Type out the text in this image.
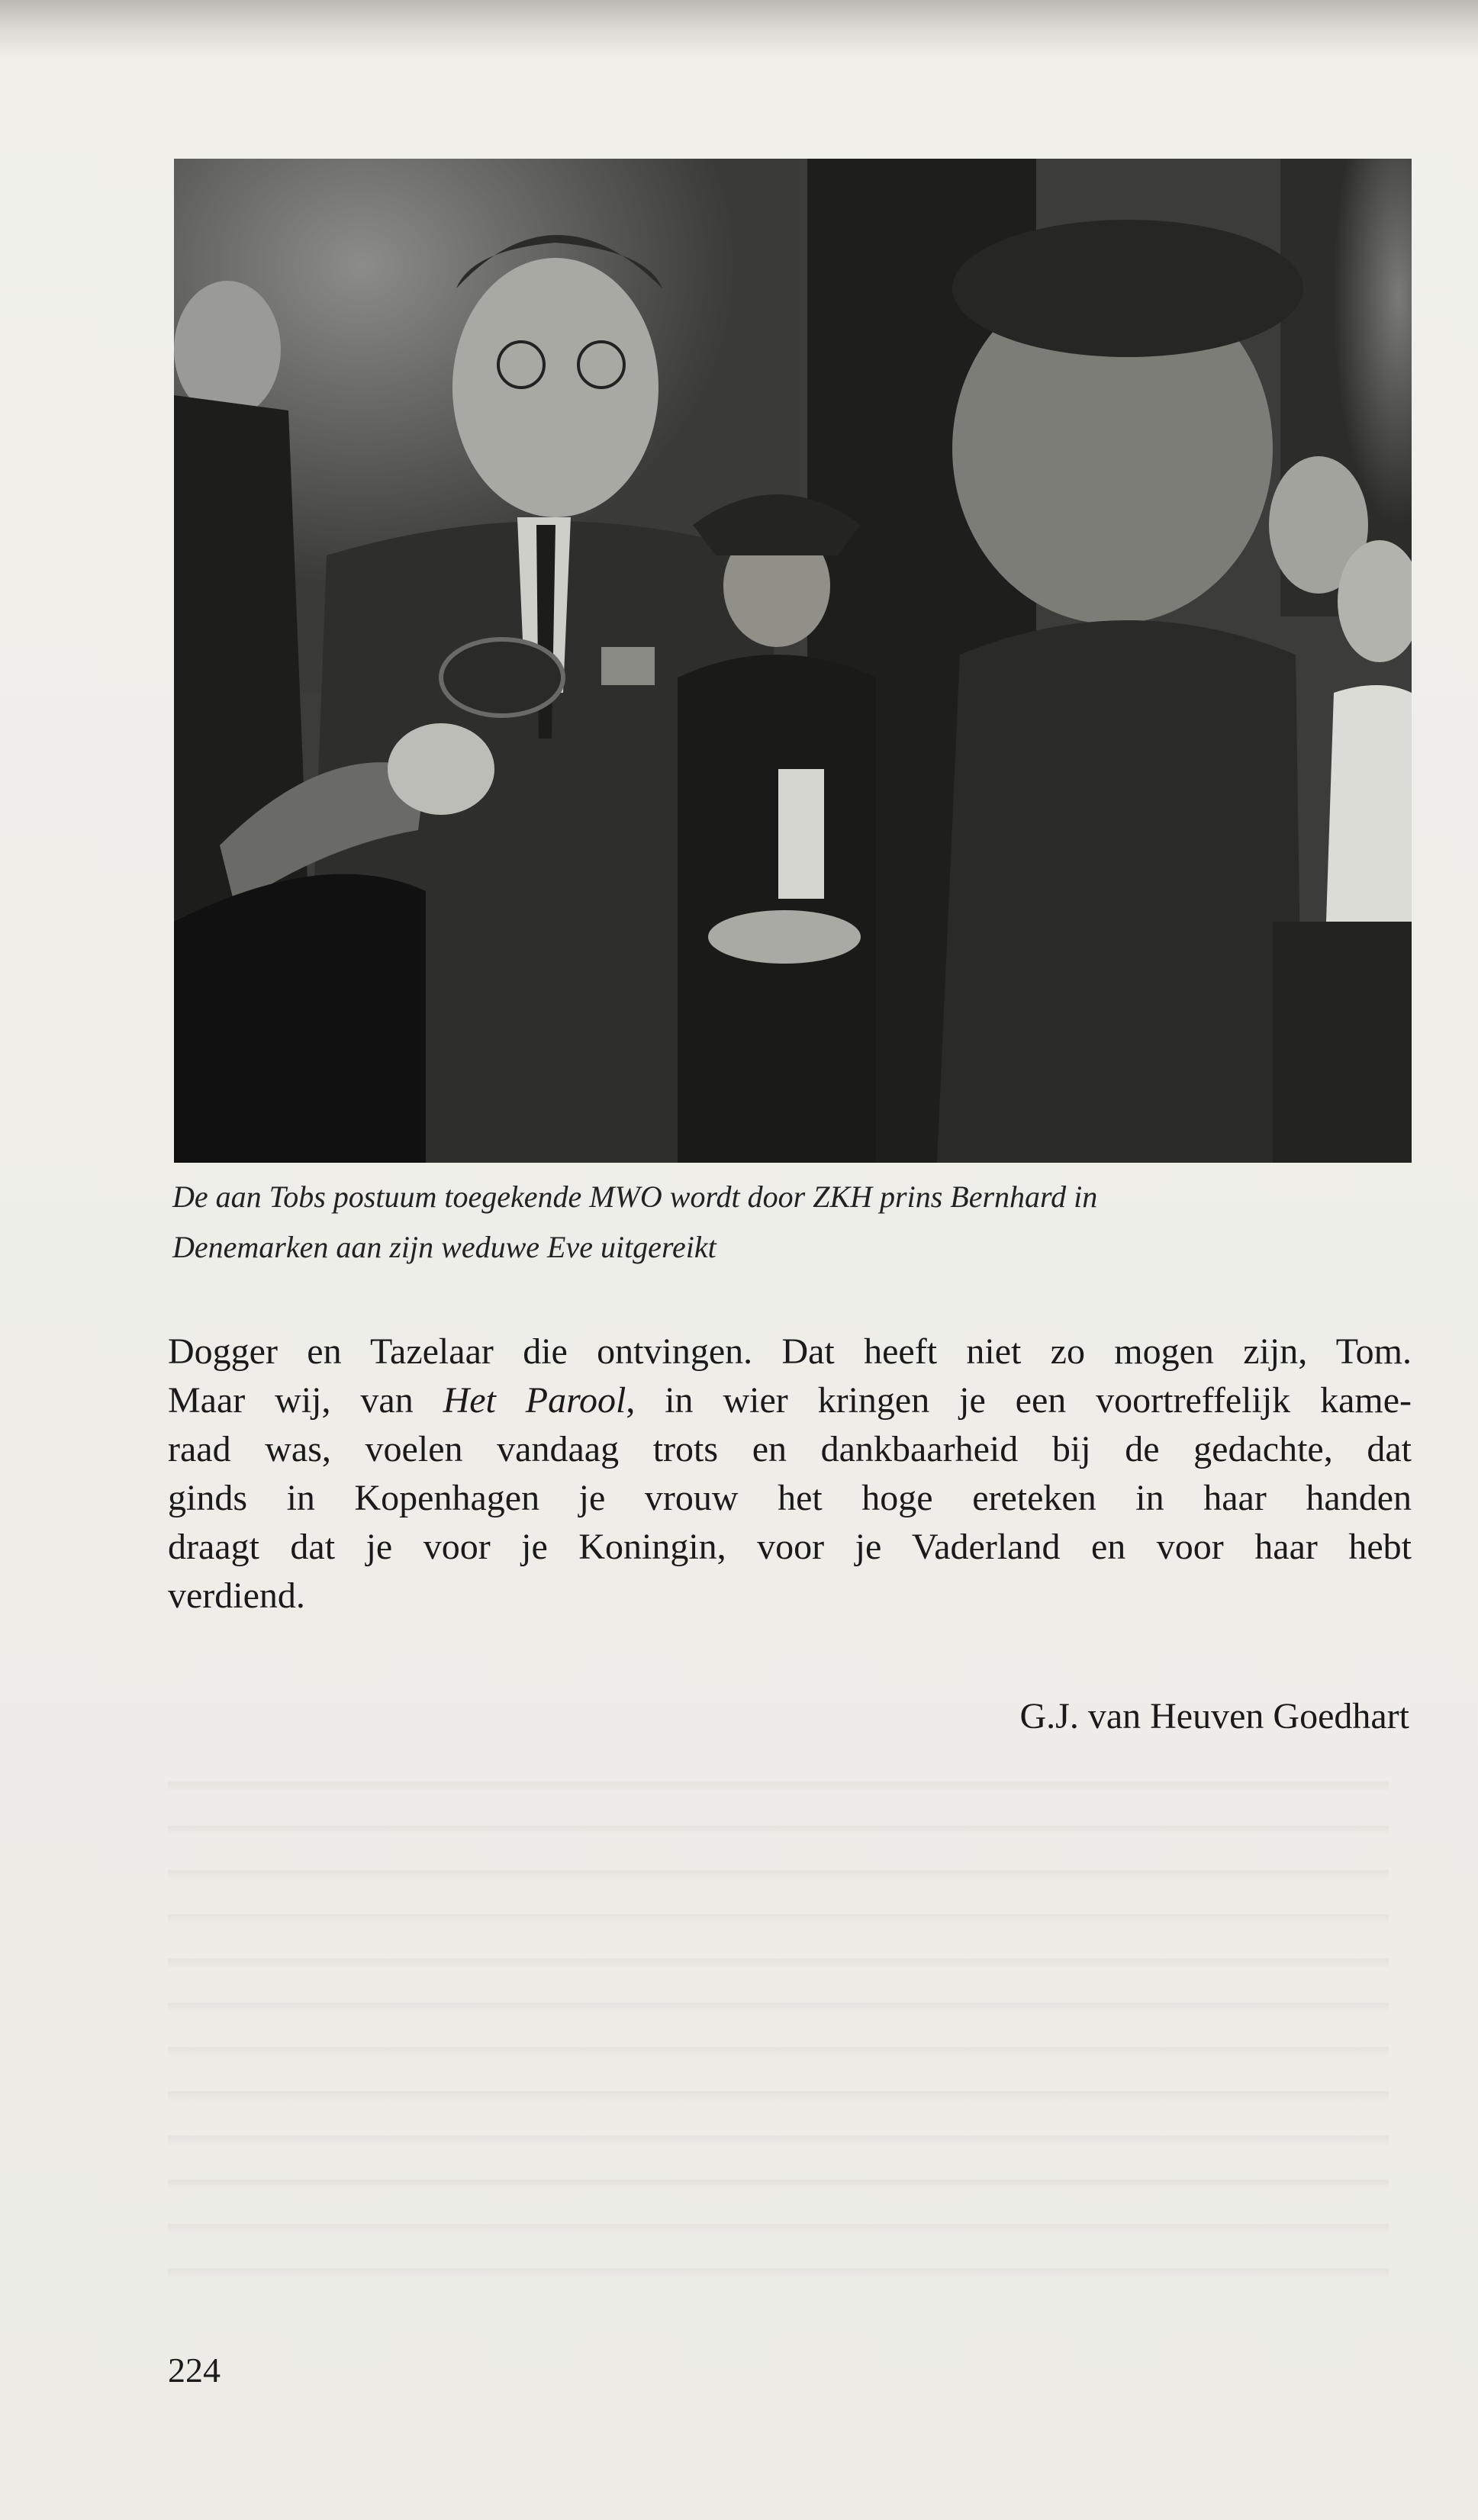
De aan Tobs postuum toegekende MWO wordt door ZKH prins Bernhard in

Denemarken aan zijn weduwe Eve uitgereikt

Dogger en Tazelaar die ontvingen. Dat heeft niet zo mogen zijn, Tom.
Maar wij, van Het Parool, in wier kringen je een voortreffelijk kame-
raad was, voelen vandaag trots en dankbaarheid bij de gedachte, dat
ginds in Kopenhagen je vrouw het hoge ereteken in haar handen
draagt dat je voor je Koningin, voor je Vaderland en voor haar hebt
verdiend.
G.J. van Heuven Goedhart
224
